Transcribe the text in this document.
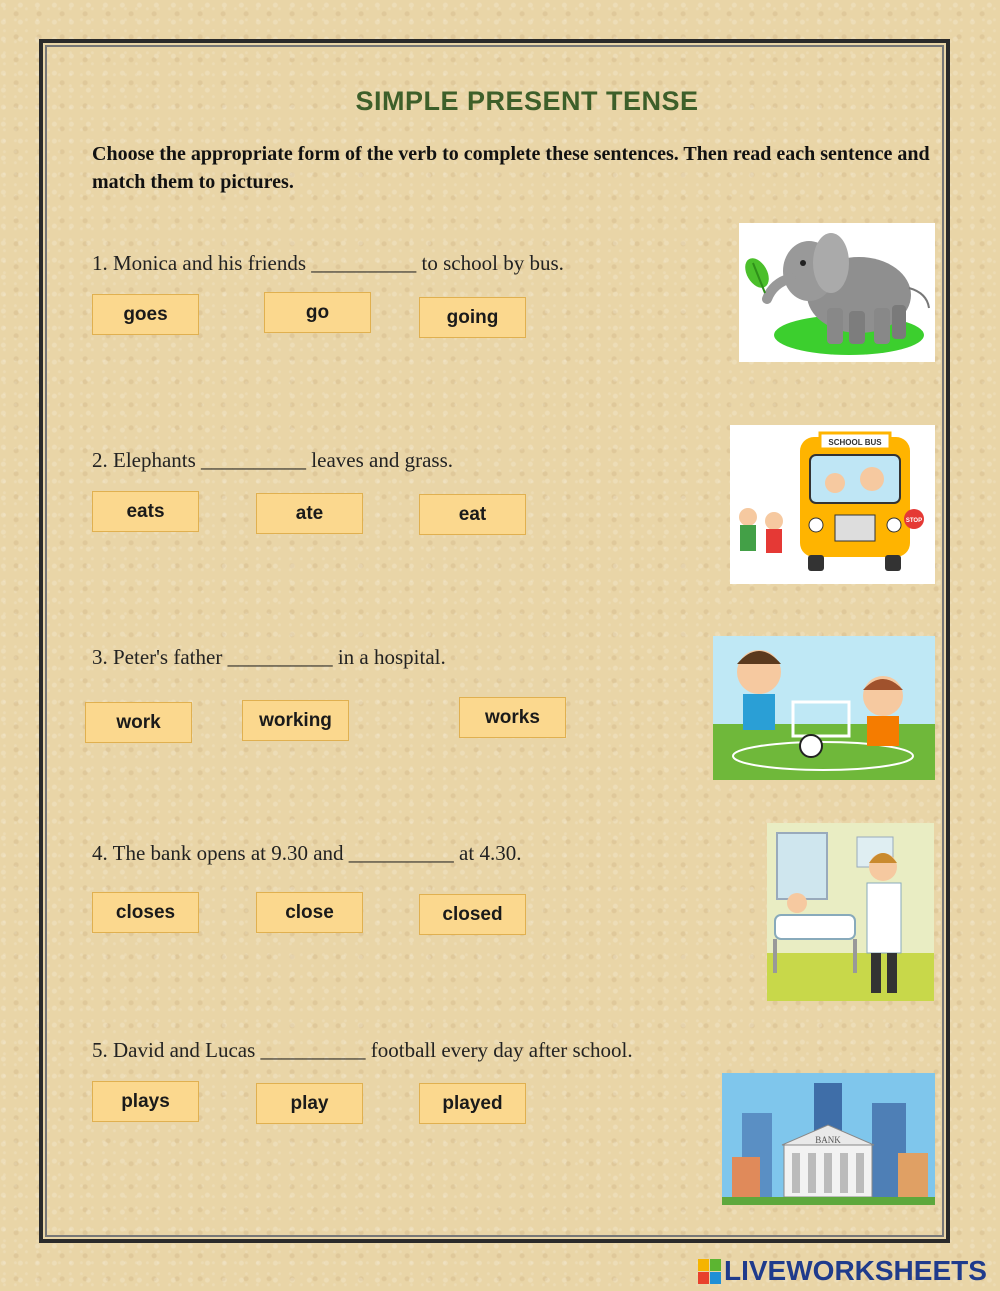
SIMPLE PRESENT TENSE
Choose the appropriate form of the verb to complete these sentences. Then read each sentence and match them to pictures.
1. Monica and his friends __________ to school by bus.
goes	go	going
2. Elephants __________ leaves and grass.
eats	ate	eat
3. Peter's father __________ in a hospital.
work	working	works
4. The bank opens at 9.30 and __________ at 4.30.
closes	close	closed
5. David and Lucas __________ football every day after school.
plays	play	played
SCHOOL BUS
STOP
BANK
LIVEWORKSHEETS
